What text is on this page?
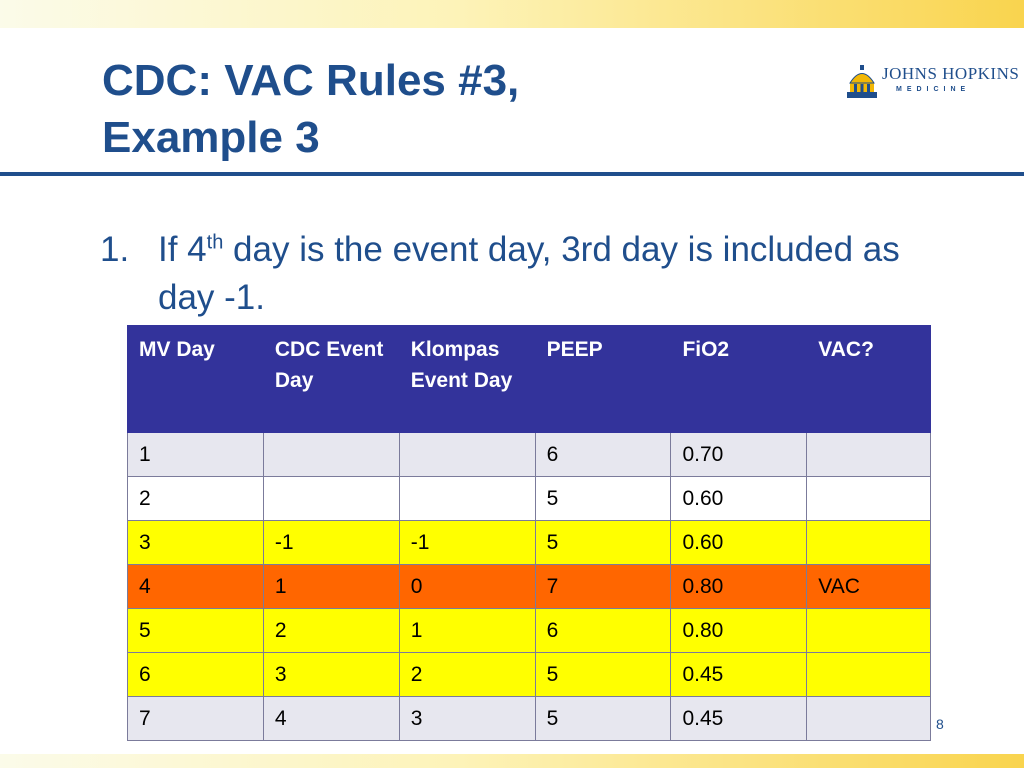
CDC: VAC Rules #3,
Example 3
JOHNS HOPKINS
MEDICINE
1. If 4th day is the event day, 3rd day is included as day -1.
MV Day	CDC Event Day	Klompas Event Day	PEEP	FiO2	VAC?
1			6	0.70	
2			5	0.60	
3	-1	-1	5	0.60	
4	1	0	7	0.80	VAC
5	2	1	6	0.80	
6	3	2	5	0.45	
7	4	3	5	0.45		8
